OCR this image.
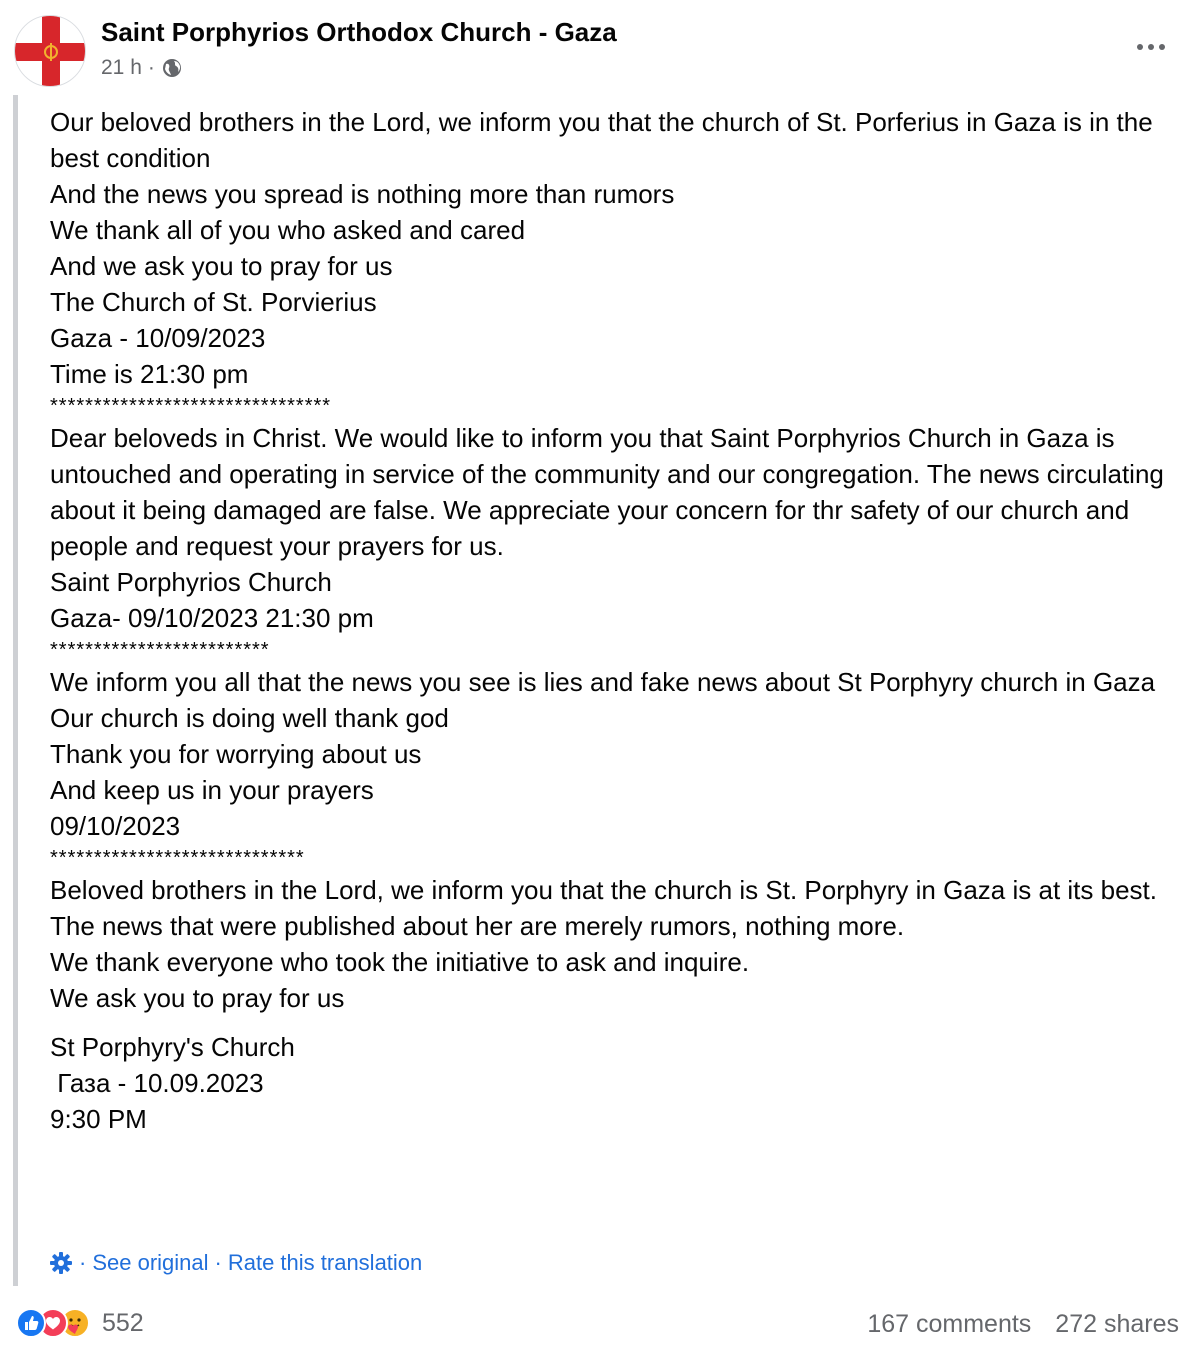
Saint Porphyrios Orthodox Church - Gaza
21 h ·
Our beloved brothers in the Lord, we inform you that the church of St. Porferius in Gaza is in the best condition
And the news you spread is nothing more than rumors
We thank all of you who asked and cared
And we ask you to pray for us
The Church of St. Porvierius
Gaza - 10/09/2023
Time is 21:30 pm
********************************
Dear beloveds in Christ. We would like to inform you that Saint Porphyrios Church in Gaza is untouched and operating in service of the community and our congregation. The news circulating about it being damaged are false. We appreciate your concern for thr safety of our church and people and request your prayers for us.
Saint Porphyrios Church
Gaza- 09/10/2023 21:30 pm
*************************
We inform you all that the news you see is lies and fake news about St Porphyry church in Gaza
Our church is doing well thank god
Thank you for worrying about us
And keep us in your prayers
09/10/2023
*****************************
Beloved brothers in the Lord, we inform you that the church is St. Porphyry in Gaza is at its best.
The news that were published about her are merely rumors, nothing more.
We thank everyone who took the initiative to ask and inquire.
We ask you to pray for us
St Porphyry's Church
Газа - 10.09.2023
9:30 PM
· See original · Rate this translation
552	167 comments 272 shares
